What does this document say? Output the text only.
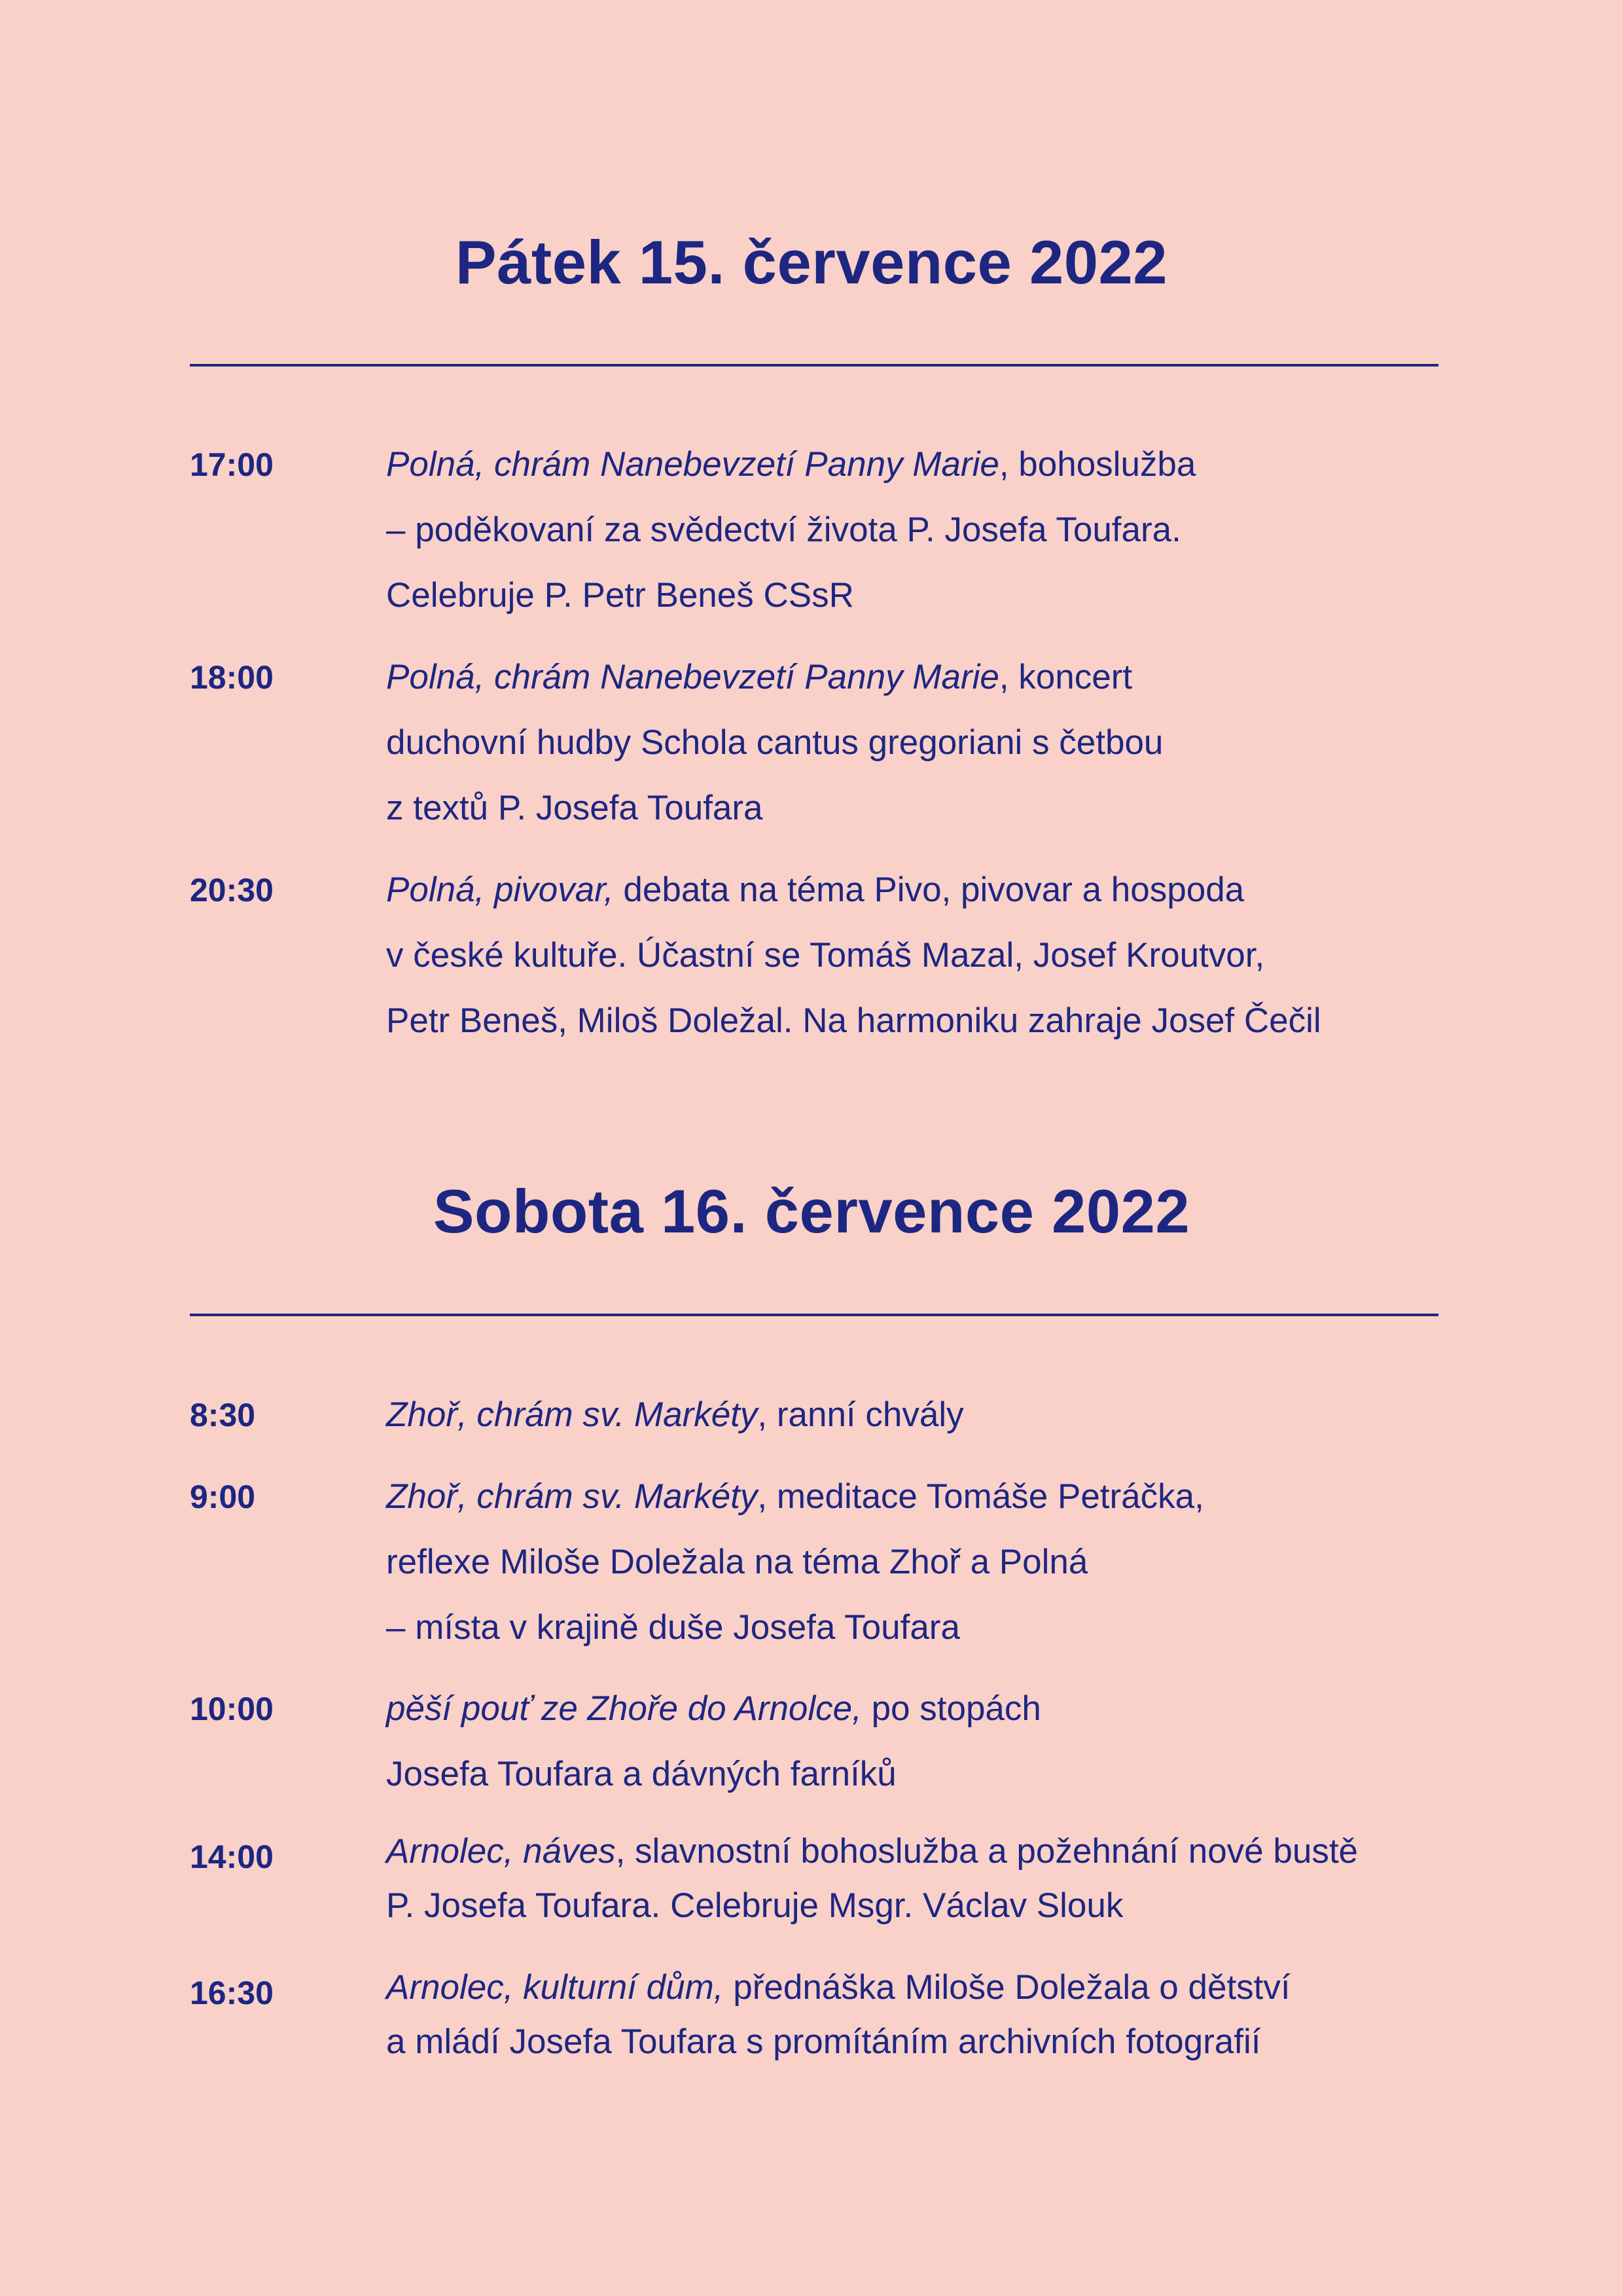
Pátek 15. července 2022
17:00	Polná, chrám Nanebevzetí Panny Marie, bohoslužba
– poděkovaní za svědectví života P. Josefa Toufara.
Celebruje P. Petr Beneš CSsR
18:00	Polná, chrám Nanebevzetí Panny Marie, koncert
duchovní hudby Schola cantus gregoriani s četbou
z textů P. Josefa Toufara
20:30	Polná, pivovar, debata na téma Pivo, pivovar a hospoda
v české kultuře. Účastní se Tomáš Mazal, Josef Kroutvor,
Petr Beneš, Miloš Doležal. Na harmoniku zahraje Josef Čečil
Sobota 16. července 2022
8:30	Zhoř, chrám sv. Markéty, ranní chvály
9:00	Zhoř, chrám sv. Markéty, meditace Tomáše Petráčka,
reflexe Miloše Doležala na téma Zhoř a Polná
– místa v krajině duše Josefa Toufara
10:00	pěší pouť ze Zhoře do Arnolce, po stopách
Josefa Toufara a dávných farníků
14:00	Arnolec, náves, slavnostní bohoslužba a požehnání nové bustě
P. Josefa Toufara. Celebruje Msgr. Václav Slouk
16:30	Arnolec, kulturní dům, přednáška Miloše Doležala o dětství
a mládí Josefa Toufara s promítáním archivních fotografií
